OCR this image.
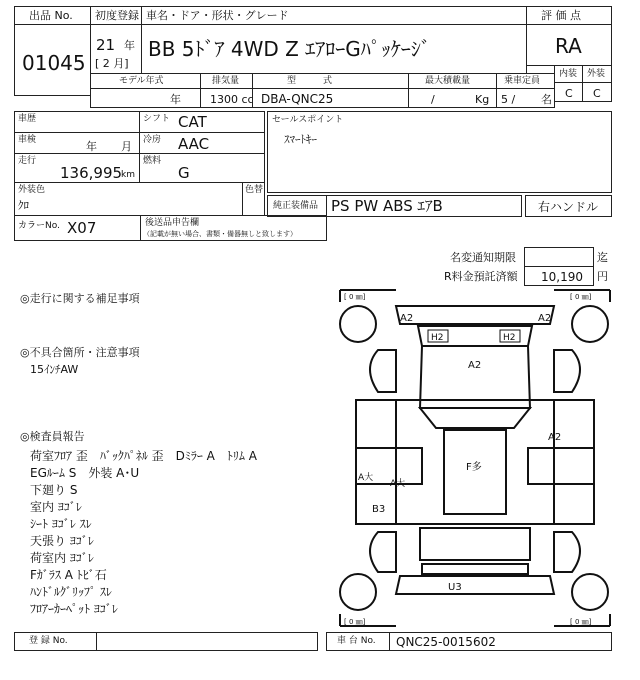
出品 No.
01045
初度登録 車名・ドア・形状・グレード
21 年
[ 2 月]
BB 5ﾄﾞｱ 4WD Z ｴｱﾛｰGﾊﾟｯｹｰｼﾞ
評 価 点
RA
内装 外装
C C
モデル年式	排気量	型　　　式	最大積載量	乗車定員
年	1300 cc DBA-QNC25	/	Kg 5 / 名
車歴	シフト CAT
車検	年 月 冷房 AAC
走行
136,995
km
燃料
G
外装色
ｸﾛ
色替
カラーNo. X07	後送品申告欄
（記載が無い場合、書類・備器無しと致します）
セールスポイント
ｽﾏｰﾄｷｰ
純正装備品 PS PW ABS ｴｱB	右ハンドル
名変通知期限	迄
R料金預託済額 10,190 円
◎走行に関する補足事項
◎不具合箇所・注意事項
15ｲﾝﾁAW
◎検査員報告
荷室ﾌﾛｱ 歪　ﾊﾞｯｸﾊﾟﾈﾙ 歪　Dﾐﾗｰ A　ﾄﾘﾑ A
EGﾙｰﾑ S　外装 A･U
下廻り S
室内 ﾖｺﾞﾚ
ｼｰﾄ ﾖｺﾞﾚ ｽﾚ
天張り ﾖｺﾞﾚ
荷室内 ﾖｺﾞﾚ
Fｶﾞﾗｽ A ﾄﾋﾞ石
ﾊﾝﾄﾞﾙｸﾞﾘｯﾌﾟ ｽﾚ
ﾌﾛｱｰｶｰﾍﾟｯﾄ ﾖｺﾞﾚ
[ 0 ㎜]	[ 0 ㎜]
[ 0 ㎜]	[ 0 ㎜]
A2	A2
H2	H2
A2
A2
F多
A大
A大
B3
U3
登 録 No.	車 台 No. QNC25-0015602
